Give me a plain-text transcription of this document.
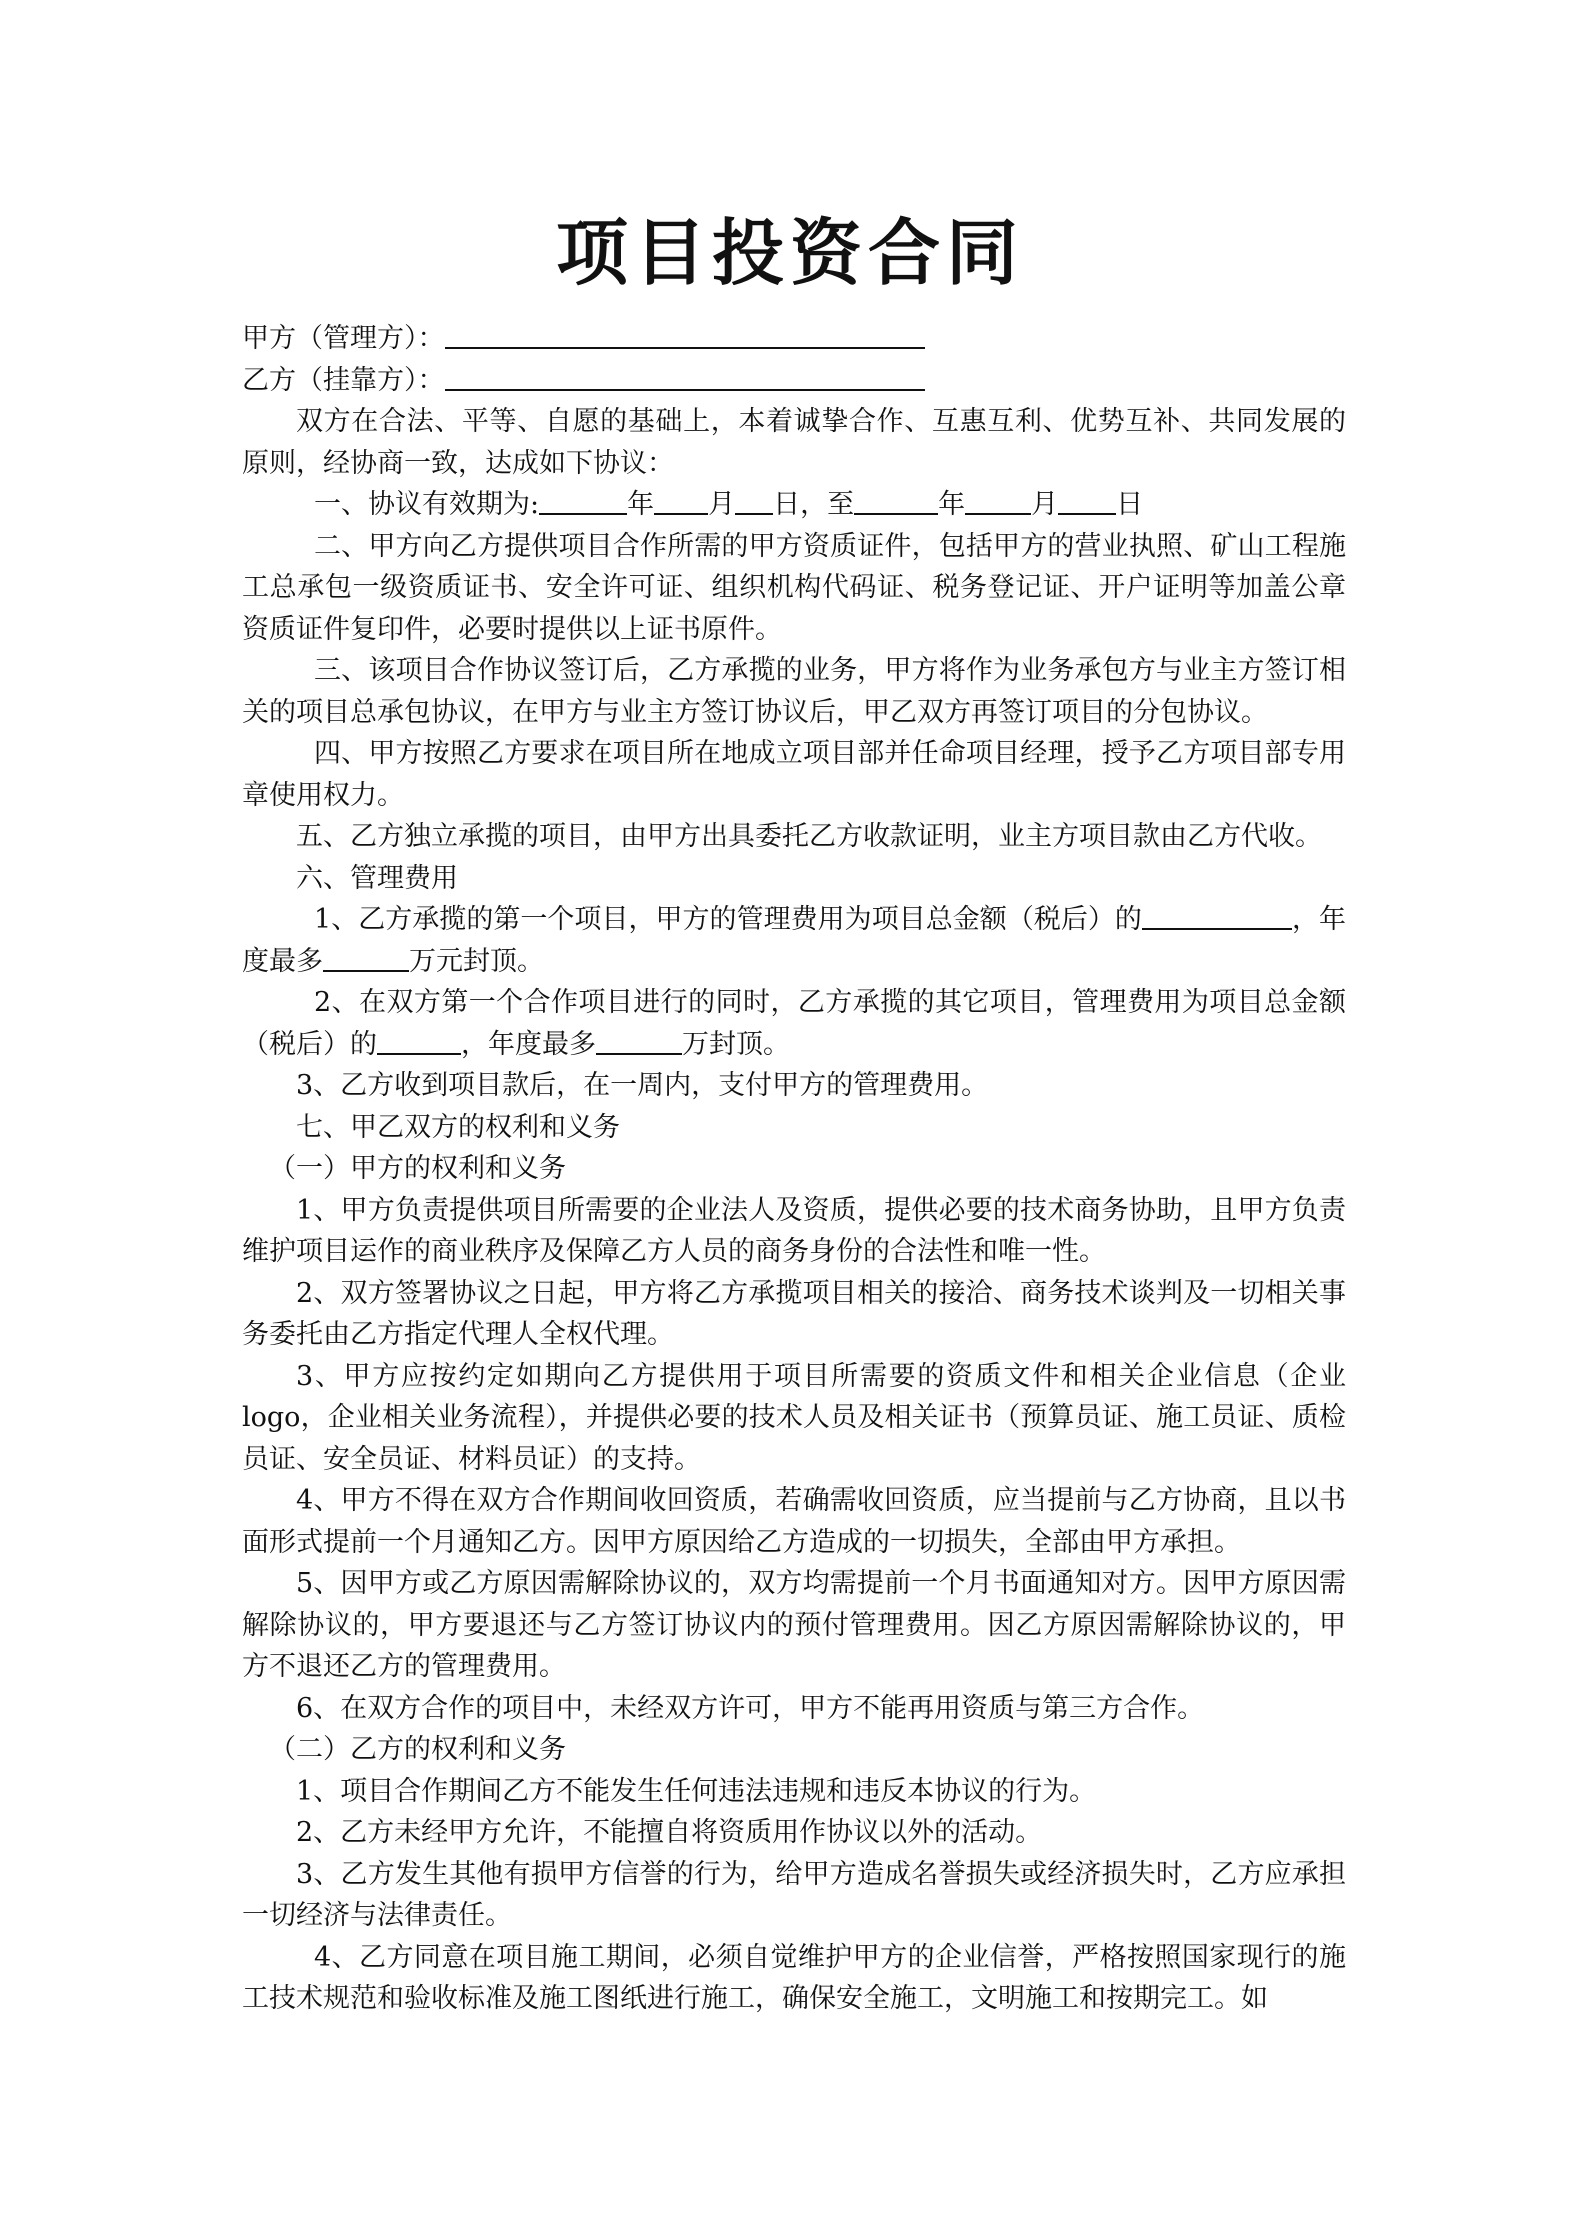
项目投资合同

甲方（管理方）：

乙方（挂靠方）：

双方在合法、平等、自愿的基础上，本着诚挚合作、互惠互利、优势互补、共同发展的原则，经协商一致，达成如下协议：

一、协议有效期为:	年 月 日，至	年 月 日

二、甲方向乙方提供项目合作所需的甲方资质证件，包括甲方的营业执照、矿山工程施工总承包一级资质证书、安全许可证、组织机构代码证、税务登记证、开户证明等加盖公章资质证件复印件，必要时提供以上证书原件。

三、该项目合作协议签订后，乙方承揽的业务，甲方将作为业务承包方与业主方签订相关的项目总承包协议，在甲方与业主方签订协议后，甲乙双方再签订项目的分包协议。

四、甲方按照乙方要求在项目所在地成立项目部并任命项目经理，授予乙方项目部专用章使用权力。

五、乙方独立承揽的项目，由甲方出具委托乙方收款证明，业主方项目款由乙方代收。

六、管理费用

1、乙方承揽的第一个项目，甲方的管理费用为项目总金额（税后）的	，年度最多	万元封顶。

2、在双方第一个合作项目进行的同时，乙方承揽的其它项目，管理费用为项目总金额（税后）的	，年度最多	万封顶。

3、乙方收到项目款后，在一周内，支付甲方的管理费用。

七、甲乙双方的权利和义务

（一）甲方的权利和义务

1、甲方负责提供项目所需要的企业法人及资质，提供必要的技术商务协助，且甲方负责维护项目运作的商业秩序及保障乙方人员的商务身份的合法性和唯一性。

2、双方签署协议之日起，甲方将乙方承揽项目相关的接洽、商务技术谈判及一切相关事务委托由乙方指定代理人全权代理。

3、甲方应按约定如期向乙方提供用于项目所需要的资质文件和相关企业信息（企业logo，企业相关业务流程），并提供必要的技术人员及相关证书（预算员证、施工员证、质检员证、安全员证、材料员证）的支持。

4、甲方不得在双方合作期间收回资质，若确需收回资质，应当提前与乙方协商，且以书面形式提前一个月通知乙方。因甲方原因给乙方造成的一切损失，全部由甲方承担。

5、因甲方或乙方原因需解除协议的，双方均需提前一个月书面通知对方。因甲方原因需解除协议的，甲方要退还与乙方签订协议内的预付管理费用。因乙方原因需解除协议的，甲方不退还乙方的管理费用。

6、在双方合作的项目中，未经双方许可，甲方不能再用资质与第三方合作。

（二）乙方的权利和义务

1、项目合作期间乙方不能发生任何违法违规和违反本协议的行为。

2、乙方未经甲方允许，不能擅自将资质用作协议以外的活动。

3、乙方发生其他有损甲方信誉的行为，给甲方造成名誉损失或经济损失时，乙方应承担一切经济与法律责任。

4、乙方同意在项目施工期间，必须自觉维护甲方的企业信誉，严格按照国家现行的施工技术规范和验收标准及施工图纸进行施工，确保安全施工，文明施工和按期完工。如
